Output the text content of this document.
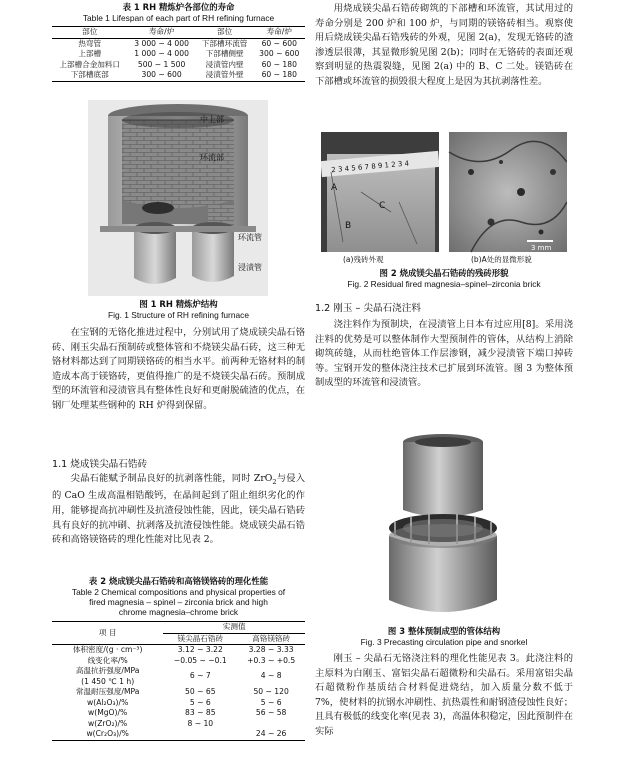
表 1 RH 精炼炉各部位的寿命
Table 1 Lifespan of each part of RH refining furnace
部位	寿命/炉	部位	寿命/炉
热弯管	3 000 ~ 4 000	下部槽环流管	60 ~ 600
上部槽	1 000 ~ 4 000	下部槽侧壁	300 ~ 600
上部槽合金加料口	500 ~ 1 500	浸渍管内壁	60 ~ 180
下部槽底部	300 ~ 600	浸渍管外壁	60 ~ 180
中上部
环流部
环流管
浸渍管
图 1 RH 精炼炉结构
Fig. 1 Structure of RH refining furnace

在宝钢的无铬化推进过程中，分别试用了烧成镁尖晶石铬砖、刚玉尖晶石预制砖或整体管和不烧镁尖晶石砖，这三种无铬材料都达到了同期镁铬砖的相当水平。前两种无铬材料的制造成本高于镁铬砖，更值得推广的是不烧镁尖晶石砖。预制成型的环流管和浸渍管具有整体性良好和更耐脱硫渣的优点，在钢厂处理某些钢种的 RH 炉得到保留。

1.1 烧成镁尖晶石锆砖

尖晶石能赋予制品良好的抗剥落性能，同时 ZrO$_2$与侵入的 CaO 生成高温相锆酸钙，在晶间起到了阻止组织劣化的作用，能够提高抗冲刷性及抗渣侵蚀性能，因此，镁尖晶石锆砖具有良好的抗冲刷、抗剥落及抗渣侵蚀性能。烧成镁尖晶石锆砖和高铬镁铬砖的理化性能对比见表 2。

表 2 烧成镁尖晶石锆砖和高铬镁铬砖的理化性能
Table 2 Chemical compositions and physical properties of
fired magnesia – spinel – zirconia brick and high
chrome magnesia–chrome brick
项 目	实测值	
	镁尖晶石锆砖	高铬镁铬砖
体积密度/(g · cm⁻³)	3.12 ~ 3.22	3.28 ~ 3.33
线变化率/%	−0.05 ~ −0.1	+0.3 ~ +0.5

高温抗折强度/MPa
(1 450 ℃ 1 h)	6 ~ 7	4 ~ 8
常温耐压强度/MPa	50 ~ 65	50 ~ 120
w(Al₂O₃)/%	5 ~ 6	5 ~ 6
w(MgO)/%	83 ~ 85	56 ~ 58
w(ZrO₂)/%	8 ~ 10	
w(Cr₂O₃)/%		24 ~ 26

用烧成镁尖晶石锆砖砌筑的下部槽和环流管，其试用过的寿命分别是 200 炉和 100 炉，与同期的镁铬砖相当。观察使用后烧成镁尖晶石锆残砖的外观，见图 2(a)，发现无铬砖的渣渗透层很薄，其显微形貌见图 2(b)；同时在无铬砖的表面还观察到明显的热震裂缝，见图 2(a) 中的 B、C 二处。镁锆砖在下部槽或环流管的损毁很大程度上是因为其抗剥落性差。

2 3 4 5 6 7 8 9 1 2 3 4
A
B
C
3 mm
(a)残砖外观	(b)A处的显微形貌
图 2 烧成镁尖晶石锆砖的残砖形貌
Fig. 2 Residual fired magnesia–spinel–zirconia brick

1.2 刚玉 – 尖晶石浇注料

浇注料作为预制块，在浸渍管上日本有过应用[8]。采用浇注料的优势是可以整体制作大型预制件的管体，从结构上消除砌筑砖缝，从而杜绝管体工作层渗钢，减少浸渍管下端口掉砖等。宝钢开发的整体浇注技术已扩展到环流管。图 3 为整体预制成型的环流管和浸渍管。

图 3 整体预制成型的管体结构
Fig. 3 Precasting circulation pipe and snorkel

刚玉 – 尖晶石无铬浇注料的理化性能见表 3。此浇注料的主原料为白刚玉、富铝尖晶石超微粉和尖晶石。采用富铝尖晶石超微粉作基质结合材料促进烧结，加入质量分数不低于 7%，使材料的抗钢水冲刷性、抗热震性和耐钢渣侵蚀性良好；且具有极低的线变化率(见表 3)，高温体积稳定，因此预制件在实际
